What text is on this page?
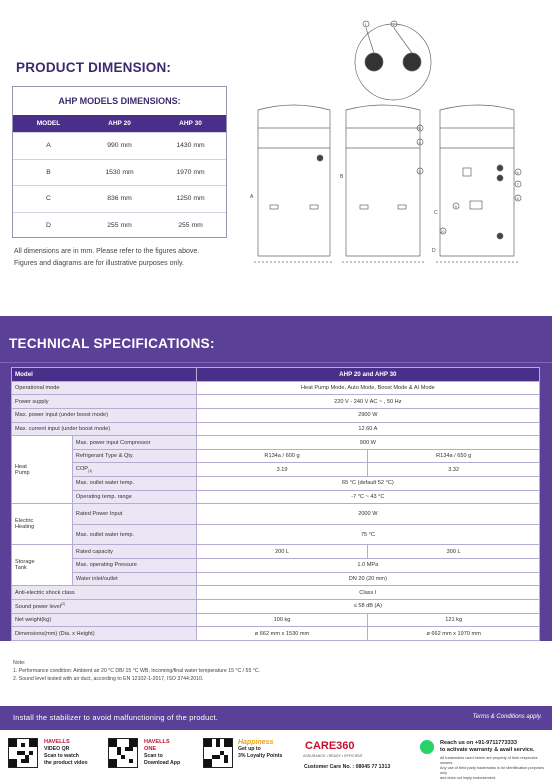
PRODUCT DIMENSION:
AHP MODELS DIMENSIONS:
MODEL	AHP 20	AHP 30
A	990 mm	1430 mm
B	1530 mm	1970 mm
C	836 mm	1250 mm
D	255 mm	255 mm
All dimensions are in mm. Please refer to the figures above.
Figures and diagrams are for illustrative purposes only.
1	2
3
4
5	6
7
8
9
10
B
A
C
D
TECHNICAL SPECIFICATIONS:
Model		AHP 20 and AHP 30	
Operational mode		Heat Pump Mode, Auto Mode, Boost Mode & AI Mode	
Power supply		220 V - 240 V AC ~ , 50 Hz	
Max. power input (under boost mode)		2900 W	
Max. current input (under boost mode)		12.60 A	
Heat
Pump	Max. power input Compressor	900 W	
	Refrigerant Type & Qty.	R134a / 600 g	R134a / 650 g
	$COP_{(1)}$	3.19	3.32
	Max. outlet water temp.	65 °C (default 52 °C)	
	Operating temp. range	-7 °C ~ 43 °C	
Electric
Heating	Rated Power Input	2000 W	
	Max. outlet water temp.	75 °C	
Storage
Tank	Rated capacity	200 L	300 L
	Max. operating Pressure	1.0 MPa	
	Water inlet/outlet	DN 20 (20 mm)	
Anti-electric shock class		Class I	
Sound power level$^{(2)}$		≤ 58 dB (A)	
Net weight(kg)		100 kg	121 kg
Dimensions(mm) (Dia. x Height)		ø 662 mm x 1530 mm	ø 662 mm x 1970 mm
Note:
1. Performance condition: Ambient air 20 °C DB/ 15 °C WB, Incoming/final water temperature 15 °C / 55 °C.
2. Sound level tested with air duct, according to EN 12102-1-2017, ISO 3744:2010.
Install the stabilizer to avoid malfunctioning of the product.	Terms & Conditions apply.
HAVELLS
VIDEO QR
Scan to watch
the product video
HAVELLS
ONE
Scan to
Download App
Happiness
Get up to
3% Loyalty Points
CARE360
ASSURANCE • READY • EFFICIENT
Customer Care No. : 08045 77 1313
Reach us on +91-9711773333
to activate warranty & avail service.
All trademarks used herein are property of their respective owners.
Any use of third party trademarks is for identification purposes only
and does not imply endorsement.
